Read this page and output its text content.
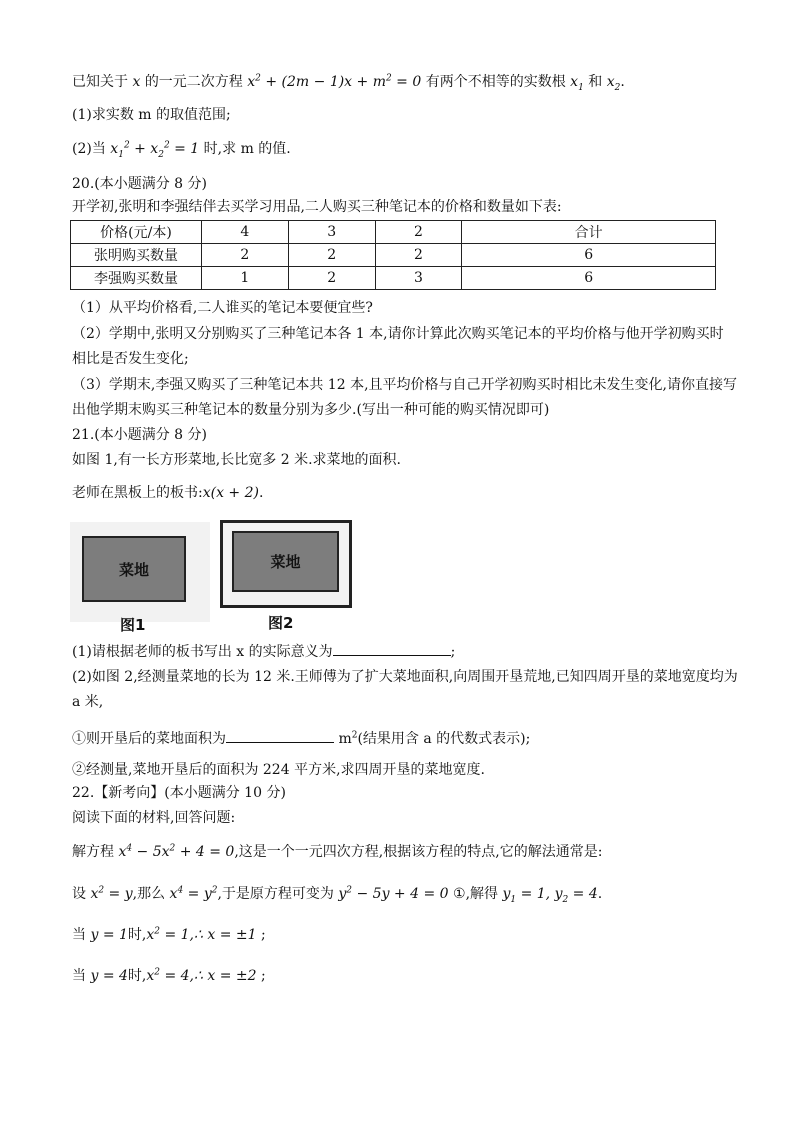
已知关于 x 的一元二次方程 $x^2 + (2m - 1)x + m^2 = 0$ 有两个不相等的实数根 $x_1$ 和 $x_2$.
(1)求实数 m 的取值范围;
(2)当 $x_1^2 + x_2^2 = 1$ 时,求 m 的值.
20.(本小题满分 8 分)
开学初,张明和李强结伴去买学习用品,二人购买三种笔记本的价格和数量如下表:
价格(元/本)	4	3	2	合计
张明购买数量	2	2	2	6
李强购买数量	1	2	3	6
（1）从平均价格看,二人谁买的笔记本要便宜些?
（2）学期中,张明又分别购买了三种笔记本各 1 本,请你计算此次购买笔记本的平均价格与他开学初购买时
相比是否发生变化;
（3）学期末,李强又购买了三种笔记本共 12 本,且平均价格与自己开学初购买时相比未发生变化,请你直接写
出他学期末购买三种笔记本的数量分别为多少.(写出一种可能的购买情况即可)
21.(本小题满分 8 分)
如图 1,有一长方形菜地,长比宽多 2 米.求菜地的面积.
老师在黑板上的板书:x(x + 2).
菜地
图1
菜地
图2
(1)请根据老师的板书写出 x 的实际意义为	;
(2)如图 2,经测量菜地的长为 12 米.王师傅为了扩大菜地面积,向周围开垦荒地,已知四周开垦的菜地宽度均为
a 米,
①则开垦后的菜地面积为	$m^2$(结果用含 a 的代数式表示);
②经测量,菜地开垦后的面积为 224 平方米,求四周开垦的菜地宽度.
22.【新考向】(本小题满分 10 分)
阅读下面的材料,回答问题:
解方程 $x^4 - 5x^2 + 4 = 0$,这是一个一元四次方程,根据该方程的特点,它的解法通常是:
设 $x^2 = y$,那么 $x^4 = y^2$,于是原方程可变为 $y^2 - 5y + 4 = 0$ ①,解得 $y_1 = 1$, $y_2 = 4$.
当 y = 1时$,x^2$ = 1,∴ x = ±1 ;
当 y = 4时$,x^2$ = 4,∴ x = ±2 ;
